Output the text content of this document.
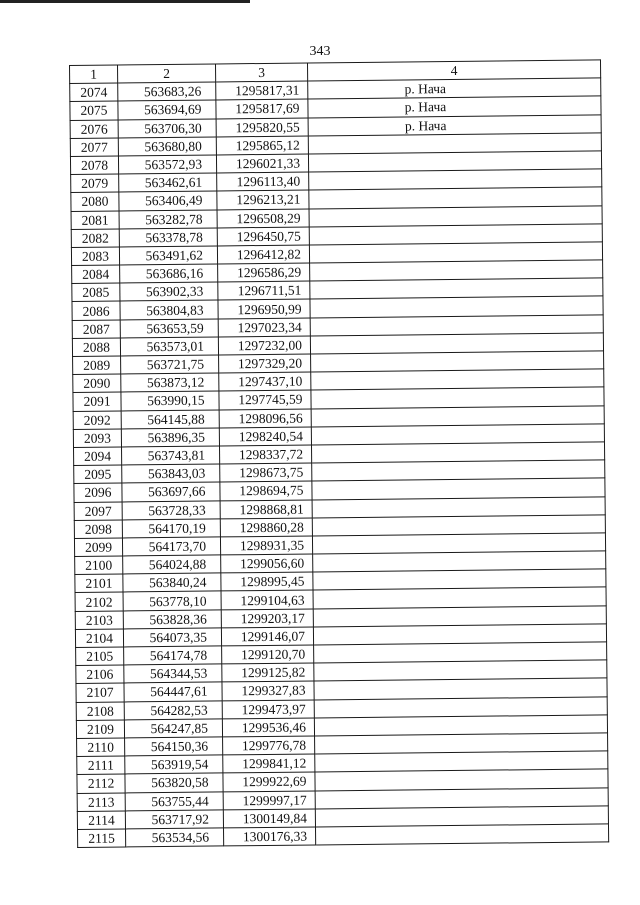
343
1	2	3	4
2074	563683,26	1295817,31	р. Нача
2075	563694,69	1295817,69	р. Нача
2076	563706,30	1295820,55	р. Нача
2077	563680,80	1295865,12	
2078	563572,93	1296021,33	
2079	563462,61	1296113,40	
2080	563406,49	1296213,21	
2081	563282,78	1296508,29	
2082	563378,78	1296450,75	
2083	563491,62	1296412,82	
2084	563686,16	1296586,29	
2085	563902,33	1296711,51	
2086	563804,83	1296950,99	
2087	563653,59	1297023,34	
2088	563573,01	1297232,00	
2089	563721,75	1297329,20	
2090	563873,12	1297437,10	
2091	563990,15	1297745,59	
2092	564145,88	1298096,56	
2093	563896,35	1298240,54	
2094	563743,81	1298337,72	
2095	563843,03	1298673,75	
2096	563697,66	1298694,75	
2097	563728,33	1298868,81	
2098	564170,19	1298860,28	
2099	564173,70	1298931,35	
2100	564024,88	1299056,60	
2101	563840,24	1298995,45	
2102	563778,10	1299104,63	
2103	563828,36	1299203,17	
2104	564073,35	1299146,07	
2105	564174,78	1299120,70	
2106	564344,53	1299125,82	
2107	564447,61	1299327,83	
2108	564282,53	1299473,97	
2109	564247,85	1299536,46	
2110	564150,36	1299776,78	
2111	563919,54	1299841,12	
2112	563820,58	1299922,69	
2113	563755,44	1299997,17	
2114	563717,92	1300149,84	
2115	563534,56	1300176,33	
